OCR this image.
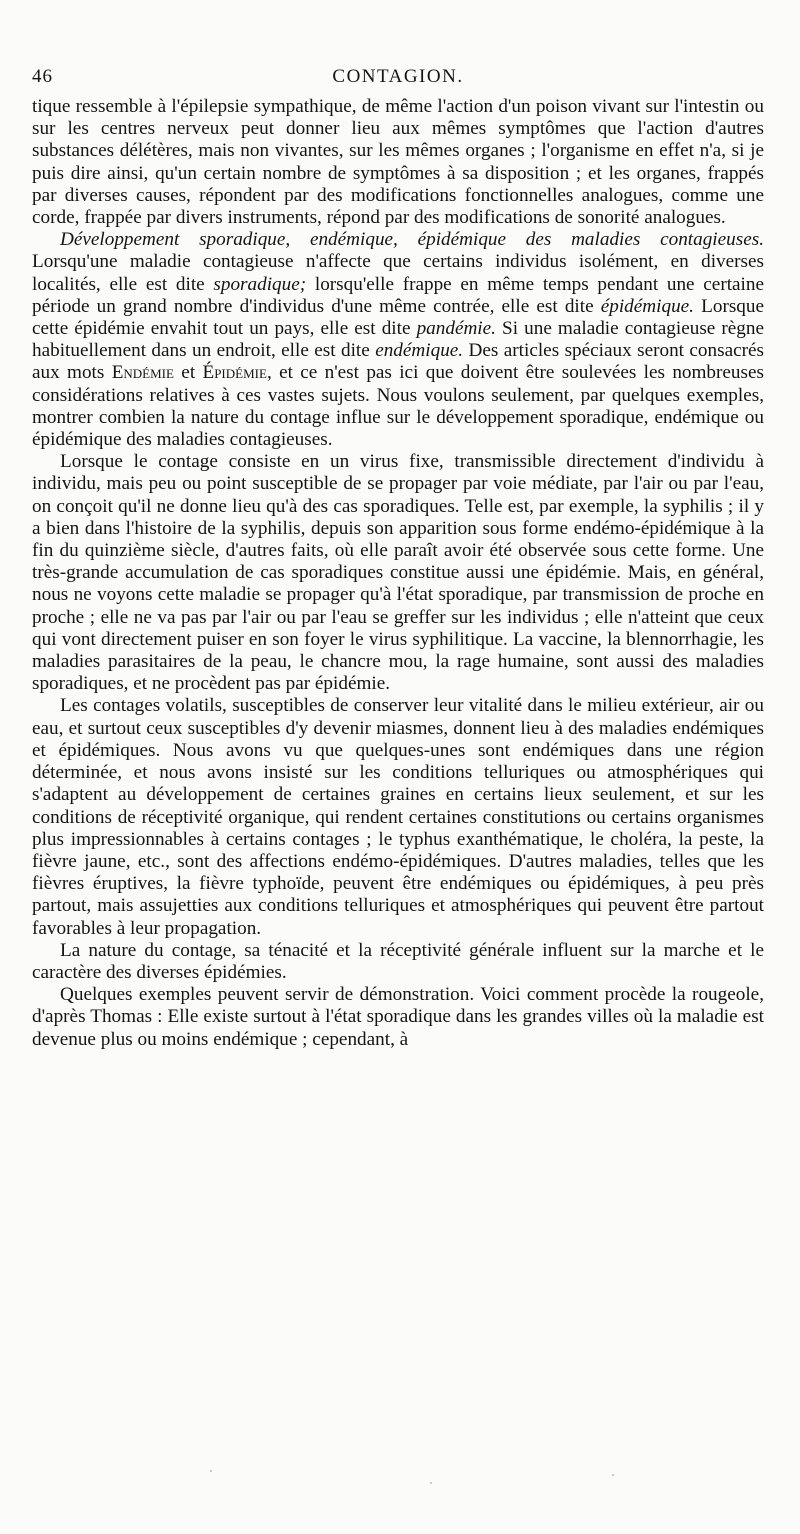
46	CONTAGION.

tique ressemble à l'épilepsie sympathique, de même l'action d'un poison vivant sur l'intestin ou sur les centres nerveux peut donner lieu aux mêmes symptômes que l'action d'autres substances délétères, mais non vivantes, sur les mêmes organes ; l'organisme en effet n'a, si je puis dire ainsi, qu'un certain nombre de symptômes à sa disposition ; et les organes, frappés par diverses causes, répondent par des modifications fonctionnelles analogues, comme une corde, frappée par divers instruments, répond par des modifications de sonorité analogues.

Développement sporadique, endémique, épidémique des maladies contagieuses. Lorsqu'une maladie contagieuse n'affecte que certains individus isolément, en diverses localités, elle est dite sporadique; lorsqu'elle frappe en même temps pendant une certaine période un grand nombre d'individus d'une même contrée, elle est dite épidémique. Lorsque cette épidémie envahit tout un pays, elle est dite pandémie. Si une maladie contagieuse règne habituellement dans un endroit, elle est dite endémique. Des articles spéciaux seront consacrés aux mots Endémie et Épidémie, et ce n'est pas ici que doivent être soulevées les nombreuses considérations relatives à ces vastes sujets. Nous voulons seulement, par quelques exemples, montrer combien la nature du contage influe sur le développement sporadique, endémique ou épidémique des maladies contagieuses.

Lorsque le contage consiste en un virus fixe, transmissible directement d'individu à individu, mais peu ou point susceptible de se propager par voie médiate, par l'air ou par l'eau, on conçoit qu'il ne donne lieu qu'à des cas sporadiques. Telle est, par exemple, la syphilis ; il y a bien dans l'histoire de la syphilis, depuis son apparition sous forme endémo-épidémique à la fin du quinzième siècle, d'autres faits, où elle paraît avoir été observée sous cette forme. Une très-grande accumulation de cas sporadiques constitue aussi une épidémie. Mais, en général, nous ne voyons cette maladie se propager qu'à l'état sporadique, par transmission de proche en proche ; elle ne va pas par l'air ou par l'eau se greffer sur les individus ; elle n'atteint que ceux qui vont directement puiser en son foyer le virus syphilitique. La vaccine, la blennorrhagie, les maladies parasitaires de la peau, le chancre mou, la rage humaine, sont aussi des maladies sporadiques, et ne procèdent pas par épidémie.

Les contages volatils, susceptibles de conserver leur vitalité dans le milieu extérieur, air ou eau, et surtout ceux susceptibles d'y devenir miasmes, donnent lieu à des maladies endémiques et épidémiques. Nous avons vu que quelques-unes sont endémiques dans une région déterminée, et nous avons insisté sur les conditions telluriques ou atmosphériques qui s'adaptent au développement de certaines graines en certains lieux seulement, et sur les conditions de réceptivité organique, qui rendent certaines constitutions ou certains organismes plus impressionnables à certains contages ; le typhus exanthématique, le choléra, la peste, la fièvre jaune, etc., sont des affections endémo-épidémiques. D'autres maladies, telles que les fièvres éruptives, la fièvre typhoïde, peuvent être endémiques ou épidémiques, à peu près partout, mais assujetties aux conditions telluriques et atmosphériques qui peuvent être partout favorables à leur propagation.

La nature du contage, sa ténacité et la réceptivité générale influent sur la marche et le caractère des diverses épidémies.

Quelques exemples peuvent servir de démonstration. Voici comment procède la rougeole, d'après Thomas : Elle existe surtout à l'état sporadique dans les grandes villes où la maladie est devenue plus ou moins endémique ; cependant, à
